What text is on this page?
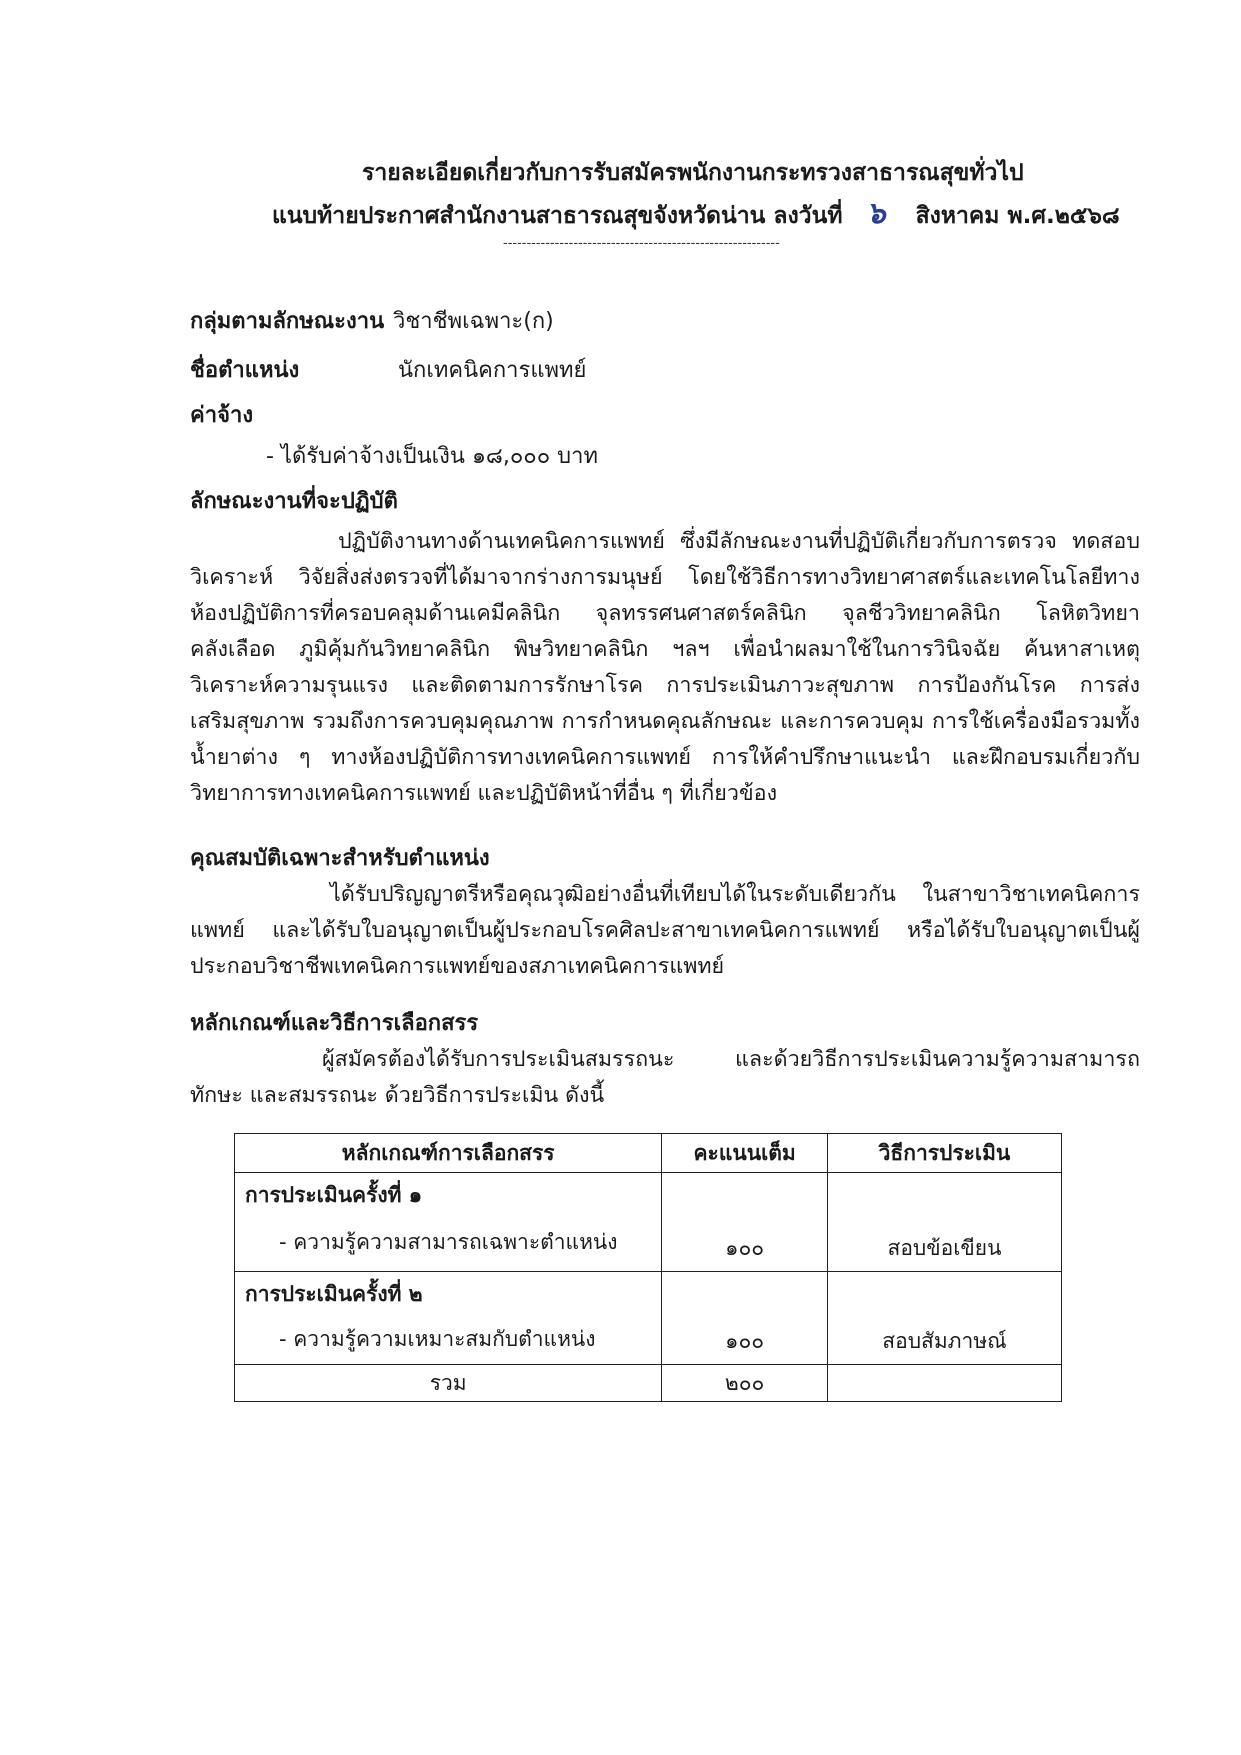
รายละเอียดเกี่ยวกับการรับสมัครพนักงานกระทรวงสาธารณสุขทั่วไป
แนบท้ายประกาศสำนักงานสาธารณสุขจังหวัดน่าน ลงวันที่ ๖ สิงหาคม พ.ศ.๒๕๖๘
-----------------------------------------------------------
กลุ่มตามลักษณะงาน วิชาชีพเฉพาะ(ก)
ชื่อตำแหน่ง	นักเทคนิคการแพทย์
ค่าจ้าง
- ได้รับค่าจ้างเป็นเงิน ๑๘,๐๐๐ บาท
ลักษณะงานที่จะปฏิบัติ
ปฏิบัติงานทางด้านเทคนิคการแพทย์ ซึ่งมีลักษณะงานที่ปฏิบัติเกี่ยวกับการตรวจ ทดสอบ วิเคราะห์ วิจัยสิ่งส่งตรวจที่ได้มาจากร่างการมนุษย์ โดยใช้วิธีการทางวิทยาศาสตร์และเทคโนโลยีทางห้องปฏิบัติการที่ครอบคลุมด้านเคมีคลินิก จุลทรรศนศาสตร์คลินิก จุลชีววิทยาคลินิก โลหิตวิทยา คลังเลือด ภูมิคุ้มกันวิทยาคลินิก พิษวิทยาคลินิก ฯลฯ เพื่อนำผลมาใช้ในการวินิจฉัย ค้นหาสาเหตุ วิเคราะห์ความรุนแรง และติดตามการรักษาโรค การประเมินภาวะสุขภาพ การป้องกันโรค การส่งเสริมสุขภาพ รวมถึงการควบคุมคุณภาพ การกำหนดคุณลักษณะ และการควบคุม การใช้เครื่องมือรวมทั้งน้ำยาต่าง ๆ ทางห้องปฏิบัติการทางเทคนิคการแพทย์ การให้คำปรึกษาแนะนำ และฝึกอบรมเกี่ยวกับวิทยาการทางเทคนิคการแพทย์ และปฏิบัติหน้าที่อื่น ๆ ที่เกี่ยวข้อง
คุณสมบัติเฉพาะสำหรับตำแหน่ง
ได้รับปริญญาตรีหรือคุณวุฒิอย่างอื่นที่เทียบได้ในระดับเดียวกัน ในสาขาวิชาเทคนิคการแพทย์ และได้รับใบอนุญาตเป็นผู้ประกอบโรคศิลปะสาขาเทคนิคการแพทย์ หรือได้รับใบอนุญาตเป็นผู้ประกอบวิชาชีพเทคนิคการแพทย์ของสภาเทคนิคการแพทย์
หลักเกณฑ์และวิธีการเลือกสรร
ผู้สมัครต้องได้รับการประเมินสมรรถนะ และด้วยวิธีการประเมินความรู้ความสามารถ ทักษะ และสมรรถนะ ด้วยวิธีการประเมิน ดังนี้
หลักเกณฑ์การเลือกสรร	คะแนนเต็ม	วิธีการประเมิน

การประเมินครั้งที่ ๑
- ความรู้ความสามารถเฉพาะตำแหน่ง	๑๐๐	สอบข้อเขียน

การประเมินครั้งที่ ๒
- ความรู้ความเหมาะสมกับตำแหน่ง	๑๐๐	สอบสัมภาษณ์
รวม	๒๐๐	
